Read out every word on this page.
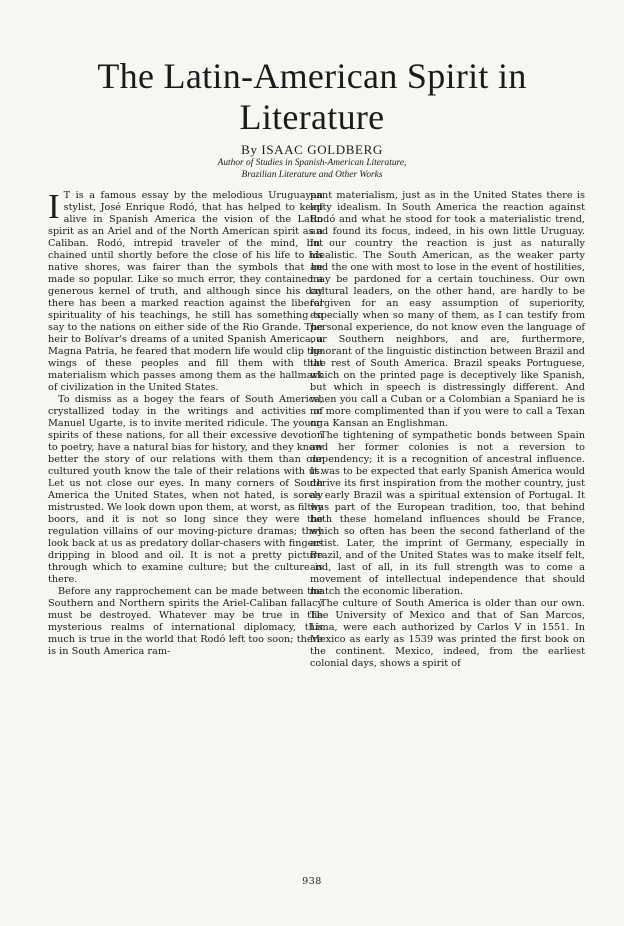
The Latin-American Spirit in Literature
By ISAAC GOLDBERG
Author of Studies in Spanish-American Literature,
Brazilian Literature and Other Works

I T is a famous essay by the melodious Uruguayan stylist, José Enrique Rodó, that has helped to keep alive in Spanish America the vision of the Latin spirit as an Ariel and of the North American spirit as a Caliban. Rodó, intrepid traveler of the mind, but chained until shortly before the close of his life to his native shores, was fairer than the symbols that he made so popular. Like so much error, they contained a generous kernel of truth, and although since his day there has been a marked reaction against the liberal spirituality of his teachings, he still has something to say to the nations on either side of the Rio Grande. The heir to Bolívar's dreams of a united Spanish America, a Magna Patria, he feared that modern life would clip the wings of these peoples and fill them with that materialism which passes among them as the hallmark of civilization in the United States.

To dismiss as a bogey the fears of South America, crystallized today in the writings and activities of Manuel Ugarte, is to invite merited ridicule. The young spirits of these nations, for all their excessive devotion to poetry, have a natural bias for history, and they know better the story of our relations with them than our cultured youth know the tale of their relations with us. Let us not close our eyes. In many corners of South America the United States, when not hated, is sorely mistrusted. We look down upon them, at worst, as filthy boors, and it is not so long since they were the regulation villains of our moving-picture dramas; they look back at us as predatory dollar-chasers with fingers dripping in blood and oil. It is not a pretty picture through which to examine culture; but the culture is there.

Before any rapprochement can be made between the Southern and Northern spirits the Ariel-Caliban fallacy must be destroyed. Whatever may be true in the mysterious realms of international diplomacy, this much is true in the world that Rodó left too soon; there is in South America ram-

pant materialism, just as in the United States there is lofty idealism. In South America the reaction against Rodó and what he stood for took a materialistic trend, and found its focus, indeed, in his own little Uruguay. In our country the reaction is just as naturally idealistic. The South American, as the weaker party and the one with most to lose in the event of hostilities, may be pardoned for a certain touchiness. Our own cultural leaders, on the other hand, are hardly to be forgiven for an easy assumption of superiority, especially when so many of them, as I can testify from personal experience, do not know even the language of our Southern neighbors, and are, furthermore, ignorant of the linguistic distinction between Brazil and the rest of South America. Brazil speaks Portuguese, which on the printed page is deceptively like Spanish, but which in speech is distressingly different. And when you call a Cuban or a Colombian a Spaniard he is no more complimented than if you were to call a Texan or a Kansan an Englishman.

The tightening of sympathetic bonds between Spain and her former colonies is not a reversion to dependency; it is a recognition of ancestral influence. It was to be expected that early Spanish America would derive its first inspiration from the mother country, just as early Brazil was a spiritual extension of Portugal. It was part of the European tradition, too, that behind both these homeland influences should be France, which so often has been the second fatherland of the artist. Later, the imprint of Germany, especially in Brazil, and of the United States was to make itself felt, and, last of all, in its full strength was to come a movement of intellectual independence that should match the economic liberation.

The culture of South America is older than our own. The University of Mexico and that of San Marcos, Lima, were each authorized by Carlos V in 1551. In Mexico as early as 1539 was printed the first book on the continent. Mexico, indeed, from the earliest colonial days, shows a spirit of

938
